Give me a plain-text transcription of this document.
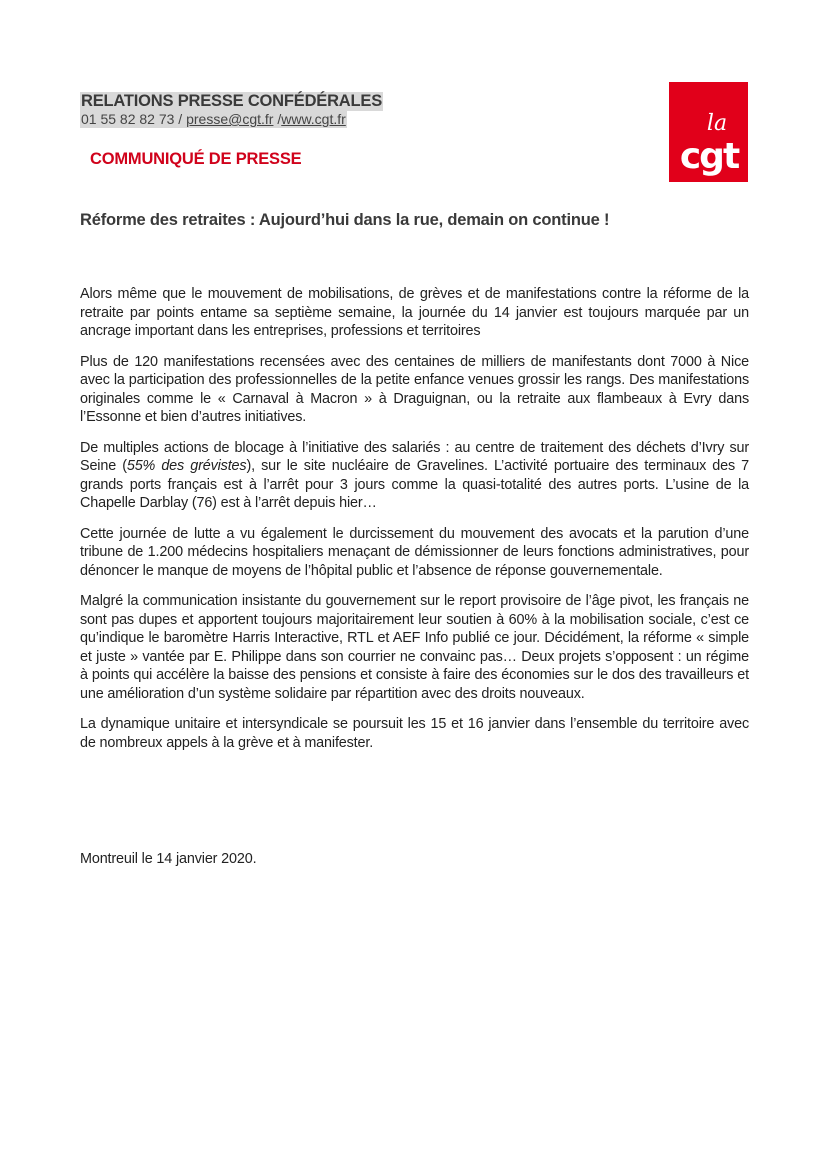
RELATIONS PRESSE CONFÉDÉRALES
01 55 82 82 73 / presse@cgt.fr /www.cgt.fr
COMMUNIQUÉ DE PRESSE
la
cgt
Réforme des retraites : Aujourd’hui dans la rue, demain on continue !

Alors même que le mouvement de mobilisations, de grèves et de manifestations contre la réforme de la retraite par points entame sa septième semaine, la journée du 14 janvier est toujours marquée par un ancrage important dans les entreprises, professions et territoires

Plus de 120 manifestations recensées avec des centaines de milliers de manifestants dont 7000 à Nice avec la participation des professionnelles de la petite enfance venues grossir les rangs. Des manifestations originales comme le « Carnaval à Macron » à Draguignan, ou la retraite aux flambeaux à Evry dans l’Essonne et bien d’autres initiatives.

De multiples actions de blocage à l’initiative des salariés : au centre de traitement des déchets d’Ivry sur Seine (55% des grévistes), sur le site nucléaire de Gravelines. L’activité portuaire des terminaux des 7 grands ports français est à l’arrêt pour 3 jours comme la quasi-totalité des autres ports. L’usine de la Chapelle Darblay (76) est à l’arrêt depuis hier…

Cette journée de lutte a vu également le durcissement du mouvement des avocats et la parution d’une tribune de 1.200 médecins hospitaliers menaçant de démissionner de leurs fonctions administratives, pour dénoncer le manque de moyens de l’hôpital public et l’absence de réponse gouvernementale.

Malgré la communication insistante du gouvernement sur le report provisoire de l’âge pivot, les français ne sont pas dupes et apportent toujours majoritairement leur soutien à 60% à la mobilisation sociale, c’est ce qu’indique le baromètre Harris Interactive, RTL et AEF Info publié ce jour. Décidément, la réforme « simple et juste » vantée par E. Philippe dans son courrier ne convainc pas… Deux projets s’opposent : un régime à points qui accélère la baisse des pensions et consiste à faire des économies sur le dos des travailleurs et une amélioration d’un système solidaire par répartition avec des droits nouveaux.

La dynamique unitaire et intersyndicale se poursuit les 15 et 16 janvier dans l’ensemble du territoire avec de nombreux appels à la grève et à manifester.

Montreuil le 14 janvier 2020.
